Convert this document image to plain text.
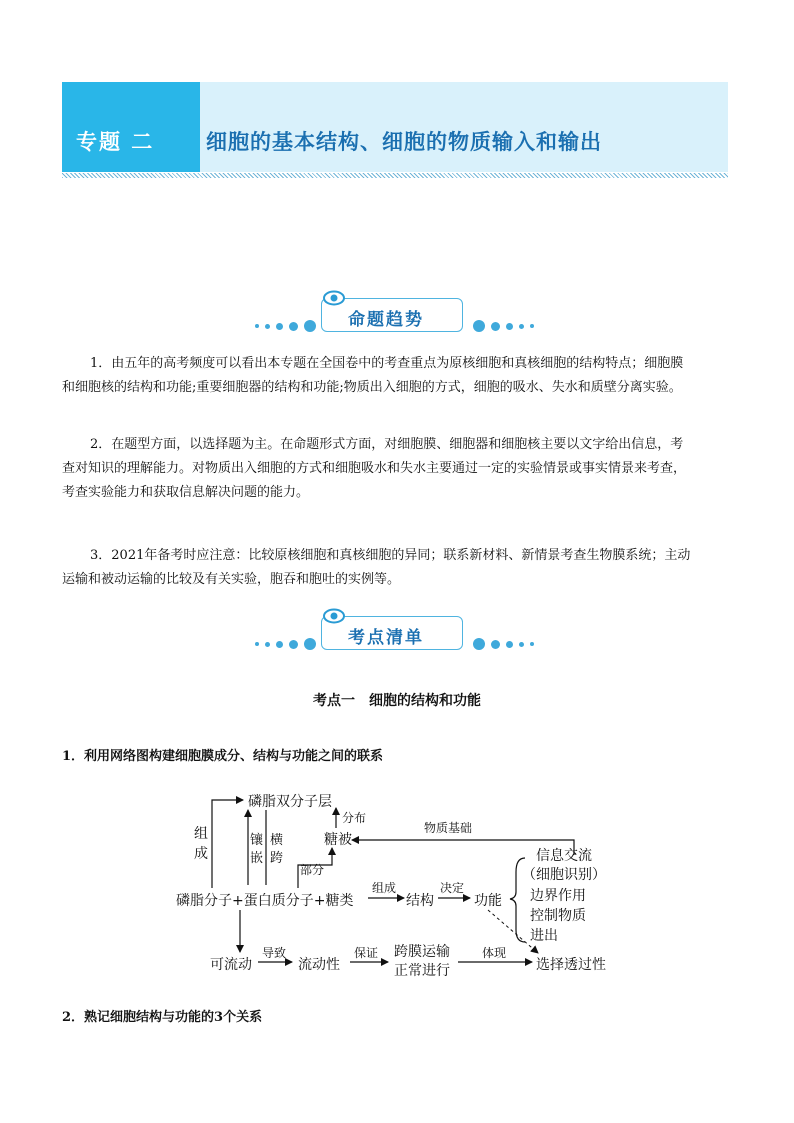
专题 二 细胞的基本结构、细胞的物质输入和输出
命题趋势
1．由五年的高考频度可以看出本专题在全国卷中的考查重点为原核细胞和真核细胞的结构特点；细胞膜
和细胞核的结构和功能;重要细胞器的结构和功能;物质出入细胞的方式，细胞的吸水、失水和质壁分离实验。
2．在题型方面，以选择题为主。在命题形式方面，对细胞膜、细胞器和细胞核主要以文字给出信息，考
查对知识的理解能力。对物质出入细胞的方式和细胞吸水和失水主要通过一定的实验情景或事实情景来考查，
考查实验能力和获取信息解决问题的能力。
3．2021年备考时应注意：比较原核细胞和真核细胞的异同；联系新材料、新情景考查生物膜系统；主动
运输和被动运输的比较及有关实验，胞吞和胞吐的实例等。
考点清单
考点一　细胞的结构和功能
1．利用网络图构建细胞膜成分、结构与功能之间的联系
磷脂双分子层
糖被
组
成
镶
嵌
横
跨
部分
分布
物质基础
磷脂分子+蛋白质分子+糖类
组成
结构
决定
功能
信息交流
（细胞识别）
边界作用
控制物质
进出
可流动
导致
流动性
保证 跨膜运输
正常进行
体现
选择透过性
2．熟记细胞结构与功能的3个关系
